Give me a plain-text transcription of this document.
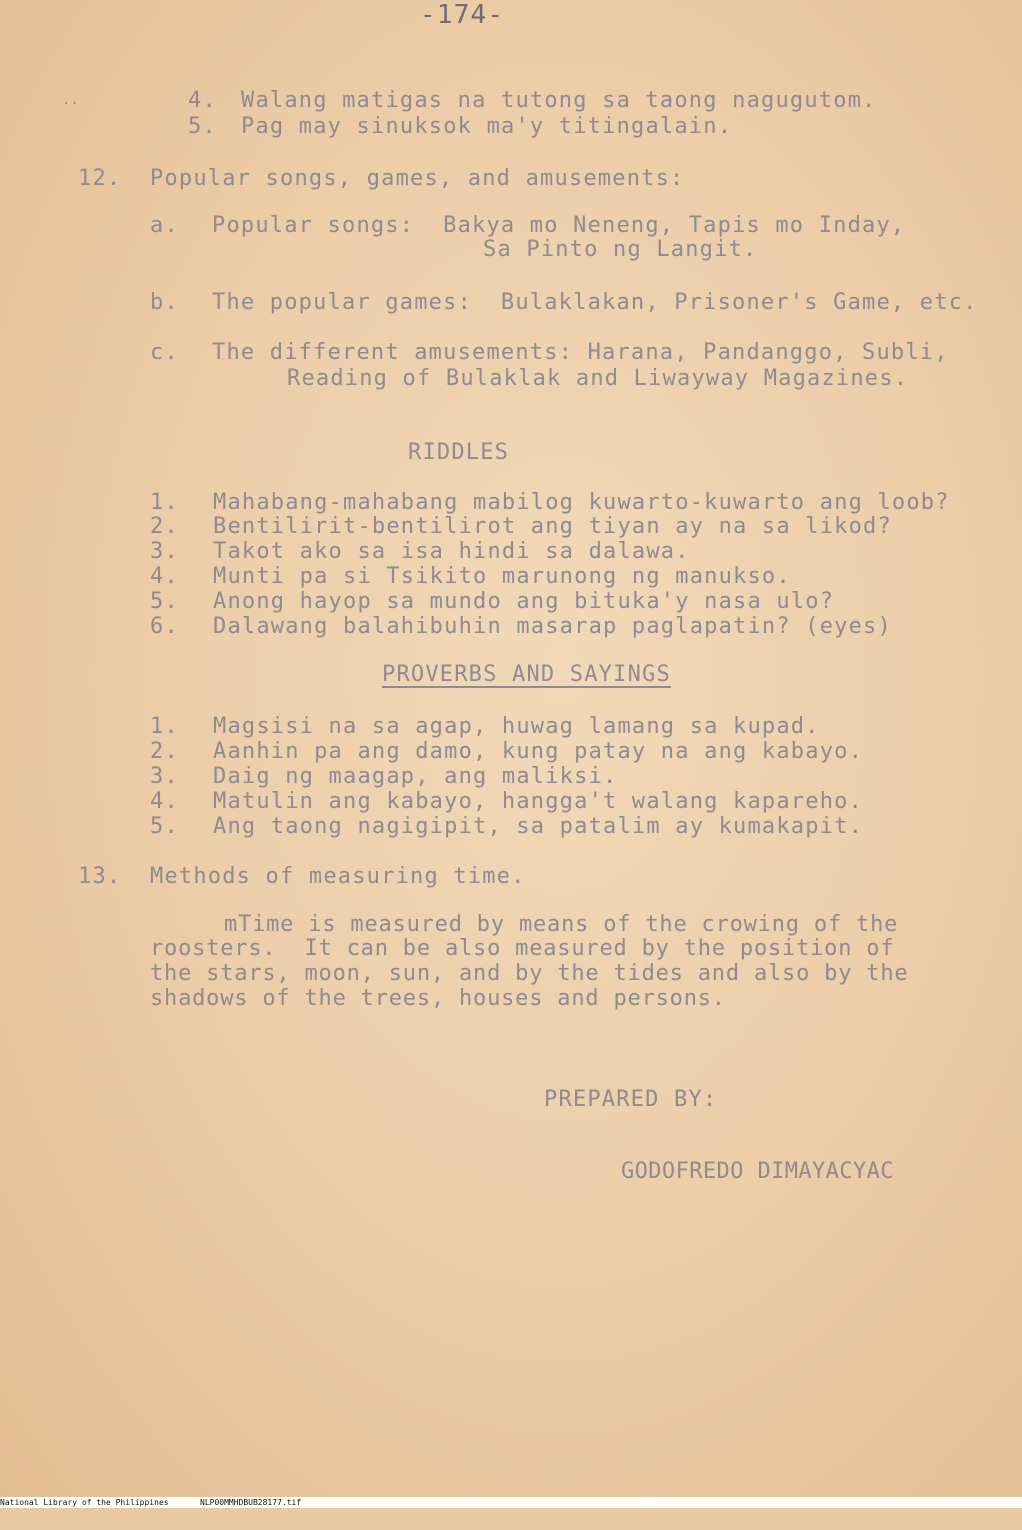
-174-
..	4. Walang matigas na tutong sa taong nagugutom.
5. Pag may sinuksok ma'y titingalain.
12. Popular songs, games, and amusements:
a. Popular songs:  Bakya mo Neneng, Tapis mo Inday,
Sa Pinto ng Langit.
b. The popular games:  Bulaklakan, Prisoner's Game, etc.
c. The different amusements: Harana, Pandanggo, Subli,
Reading of Bulaklak and Liwayway Magazines.
RIDDLES
1. Mahabang-mahabang mabilog kuwarto-kuwarto ang loob?
2. Bentilirit-bentilirot ang tiyan ay na sa likod?
3. Takot ako sa isa hindi sa dalawa.
4. Munti pa si Tsikito marunong ng manukso.
5. Anong hayop sa mundo ang bituka'y nasa ulo?
6. Dalawang balahibuhin masarap paglapatin? (eyes)
PROVERBS AND SAYINGS
1. Magsisi na sa agap, huwag lamang sa kupad.
2. Aanhin pa ang damo, kung patay na ang kabayo.
3. Daig ng maagap, ang maliksi.
4. Matulin ang kabayo, hangga't walang kapareho.
5. Ang taong nagigipit, sa patalim ay kumakapit.
13. Methods of measuring time.
mTime is measured by means of the crowing of the
roosters.  It can be also measured by the position of
the stars, moon, sun, and by the tides and also by the
shadows of the trees, houses and persons.
PREPARED BY:
GODOFREDO DIMAYACYAC

National Library of the Philippines

	NLP00MMHDBUB28177.tif
